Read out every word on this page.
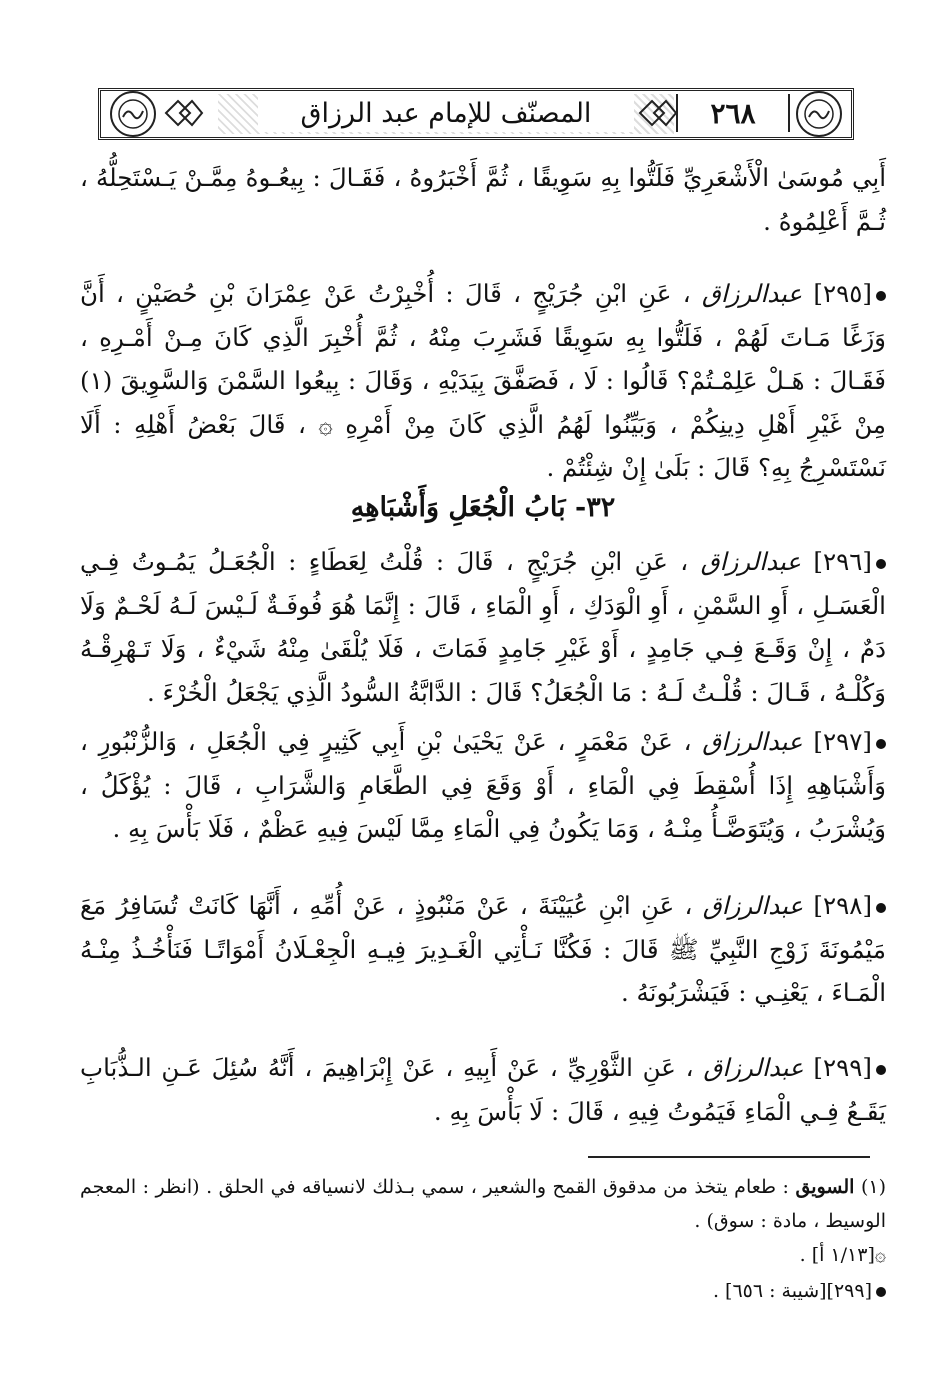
المصنّف للإمام عبد الرزاق	٢٦٨

أَبِي مُوسَىٰ الْأَشْعَرِيِّ فَلَتُّوا بِهِ سَوِيقًا ، ثُمَّ أَخْبَرُوهُ ، فَقَـالَ : بِيعُـوهُ مِمَّـنْ يَـسْتَحِلُّهُ ، ثُـمَّ أَعْلِمُوهُ .

[٢٩٥] عبدالرزاق ، عَنِ ابْنِ جُرَيْجٍ ، قَالَ : أُخْبِرْتُ عَنْ عِمْرَانَ بْنِ حُصَيْنٍ ، أَنَّ وَزَغًا مَـاتَ لَهُمْ ، فَلَتُّوا بِهِ سَوِيقًا فَشَرِبَ مِنْهُ ، ثُمَّ أُخْبِرَ الَّذِي كَانَ مِـنْ أَمْـرِهِ ، فَقَـالَ : هَـلْ عَلِمْـتُمْ؟ قَالُوا : لَا ، فَصَفَّقَ بِيَدَيْهِ ، وَقَالَ : بِيعُوا السَّمْنَ وَالسَّوِيقَ (١) مِنْ غَيْرِ أَهْلِ دِينِكُمْ ، وَبَيِّنُوا لَهُمُ الَّذِي كَانَ مِنْ أَمْرِهِ ۞ ، قَالَ بَعْضُ أَهْلِهِ : أَلَا نَسْتَسْرِجُ بِهِ؟ قَالَ : بَلَىٰ إِنْ شِئْتُمْ .

٣٢- بَابُ الْجُعَلِ وَأَشْبَاهِهِ

[٢٩٦] عبدالرزاق ، عَنِ ابْنِ جُرَيْجٍ ، قَالَ : قُلْتُ لِعَطَاءٍ : الْجُعَـلُ يَمُـوتُ فِـي الْعَسَـلِ ، أَوِ السَّمْنِ ، أَوِ الْوَدَكِ ، أَوِ الْمَاءِ ، قَالَ : إِنَّمَا هُوَ فُوفَـةٌ لَـيْسَ لَـهُ لَحْـمٌ وَلَا دَمٌ ، إِنْ وَقَـعَ فِـي جَامِدٍ ، أَوْ غَيْرِ جَامِدٍ فَمَاتَ ، فَلَا يُلْقَىٰ مِنْهُ شَيْءٌ ، وَلَا تَـهْرِقْـهُ وَكُلْـهُ ، قَـالَ : قُلْـتُ لَـهُ : مَا الْجُعَلُ؟ قَالَ : الدَّابَّةُ السُّودُ الَّذِي يَجْعَلُ الْخُرْءَ .

[٢٩٧] عبدالرزاق ، عَنْ مَعْمَرٍ ، عَنْ يَحْيَىٰ بْنِ أَبِي كَثِيرٍ فِي الْجُعَلِ ، وَالزُّنْبُورِ ، وَأَشْبَاهِهِ إِذَا أُسْقِطَ فِي الْمَاءِ ، أَوْ وَقَعَ فِي الطَّعَامِ وَالشَّرَابِ ، قَالَ : يُؤْكَلُ ، وَيُشْرَبُ ، وَيُتَوَضَّـأُ مِنْـهُ ، وَمَا يَكُونُ فِي الْمَاءِ مِمَّا لَيْسَ فِيهِ عَظْمٌ ، فَلَا بَأْسَ بِهِ .

[٢٩٨] عبدالرزاق ، عَنِ ابْنِ عُيَيْنَةَ ، عَنْ مَنْبُوذٍ ، عَنْ أُمِّهِ ، أَنَّهَا كَانَتْ تُسَافِرُ مَعَ مَيْمُونَةَ زَوْجِ النَّبِيِّ ﷺ قَالَ : فَكُنَّا نَـأْتِي الْغَـدِيرَ فِيـهِ الْجِعْـلَانُ أَمْوَاتًـا فَنَأْخُـذُ مِنْـهُ الْمَـاءَ ، يَعْنِـي : فَيَشْرَبُونَهُ .

[٢٩٩] عبدالرزاق ، عَنِ الثَّوْرِيِّ ، عَنْ أَبِيهِ ، عَنْ إِبْرَاهِيمَ ، أَنَّهُ سُئِلَ عَـنِ الـذُّبَابِ يَقَـعُ فِـي الْمَاءِ فَيَمُوتُ فِيهِ ، قَالَ : لَا بَأْسَ بِهِ .

(١) السويق : طعام يتخذ من مدقوق القمح والشعير ، سمي بـذلك لانسياقه في الحلق . (انظر : المعجم الوسيط ، مادة : سوق) .
۞[١/١٣ أ] .
[٢٩٩][شيبة : ٦٥٦] .
